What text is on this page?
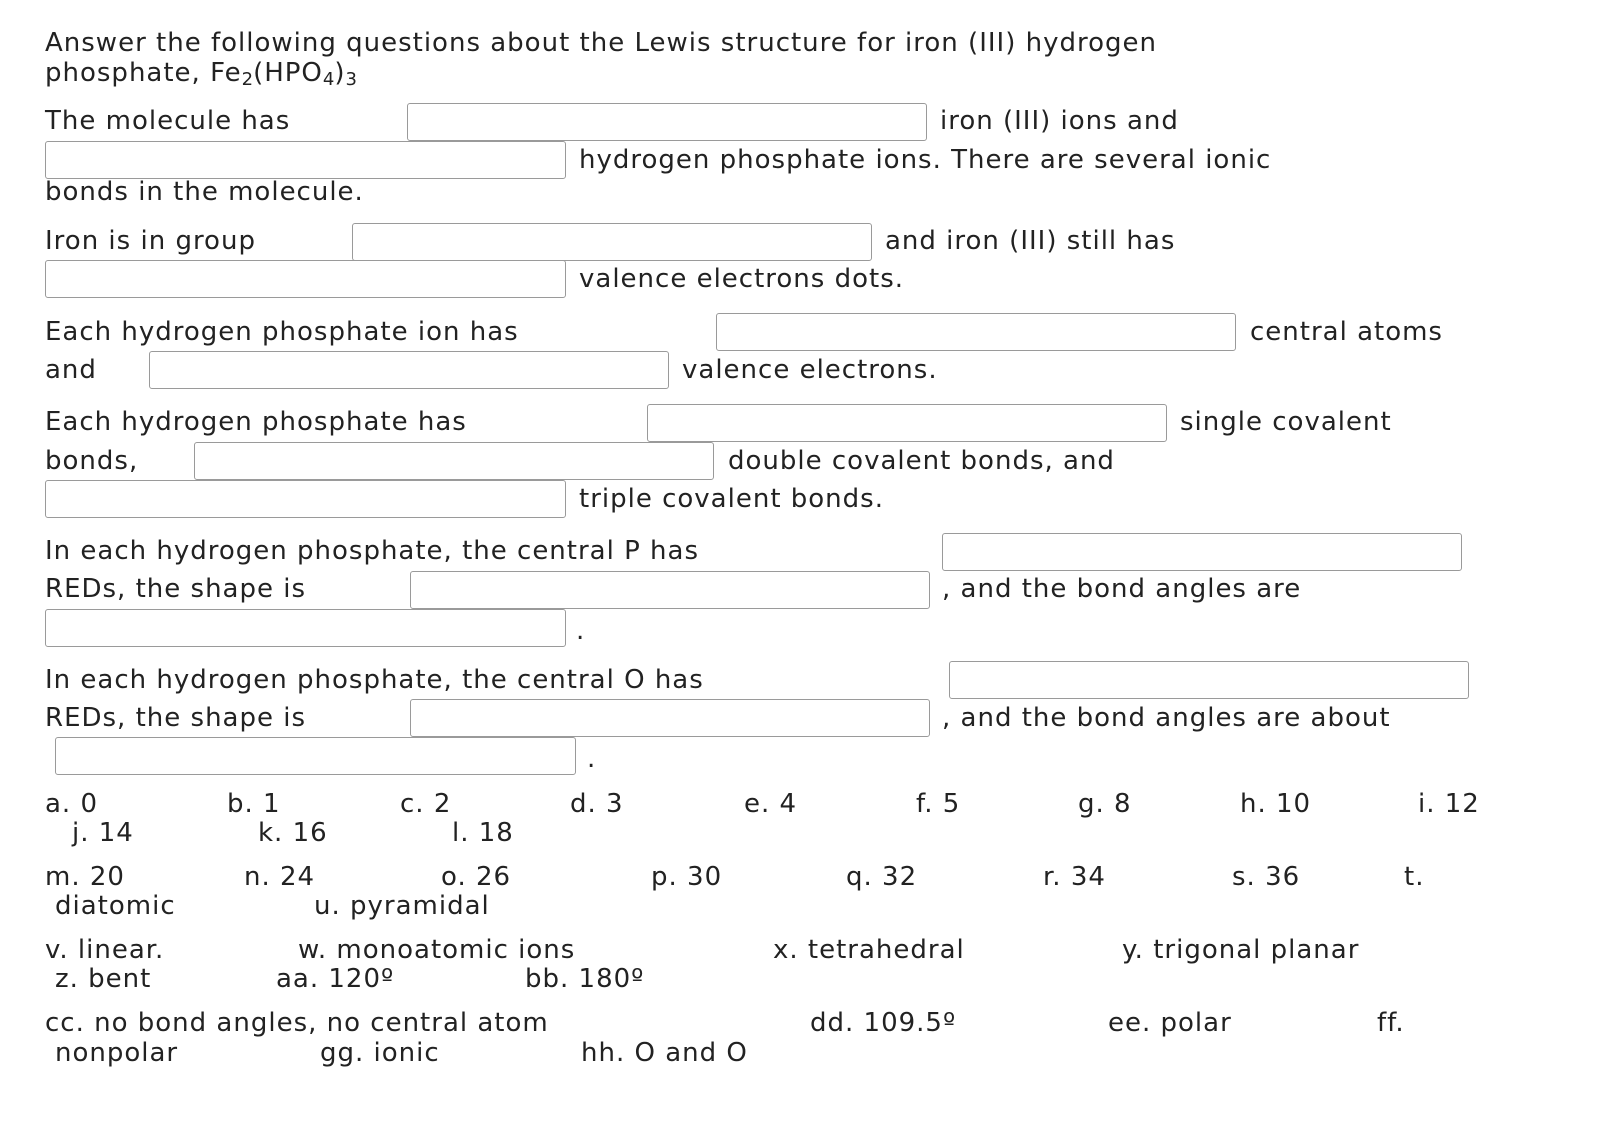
Answer the following questions about the Lewis structure for iron (III) hydrogen
phosphate, $Fe_2(HPO_4)_3$
The molecule has	iron (III) ions and
hydrogen phosphate ions. There are several ionic
bonds in the molecule.
Iron is in group	and iron (III) still has
valence electrons dots.
Each hydrogen phosphate ion has	central atoms
and	valence electrons.
Each hydrogen phosphate has	single covalent
bonds,	double covalent bonds, and
triple covalent bonds.
In each hydrogen phosphate, the central P has
REDs, the shape is	, and the bond angles are
.
In each hydrogen phosphate, the central O has
REDs, the shape is	, and the bond angles are about
.
a. 0	b. 1	c. 2	d. 3	e. 4	f. 5	g. 8	h. 10	i. 12
j. 14	k. 16	l. 18
m. 20	n. 24	o. 26	p. 30	q. 32	r. 34	s. 36	t.
diatomic	u. pyramidal
v. linear.	w. monoatomic ions	x. tetrahedral	y. trigonal planar
z. bent	aa. 120º	bb. 180º
cc. no bond angles, no central atom	dd. 109.5º	ee. polar	ff.
nonpolar	gg. ionic	hh. O and O
